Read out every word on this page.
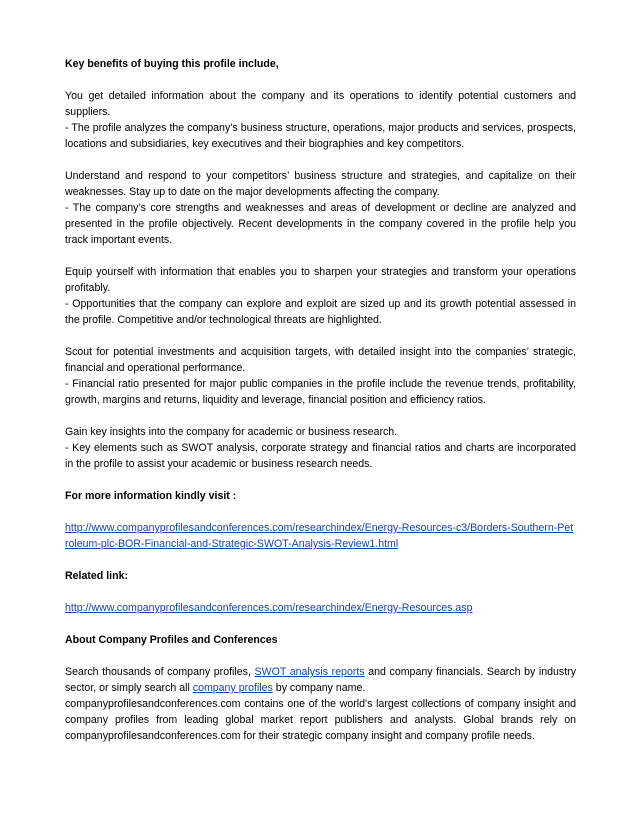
Key benefits of buying this profile include,

You get detailed information about the company and its operations to identify potential customers and suppliers.

- The profile analyzes the company’s business structure, operations, major products and services, prospects, locations and subsidiaries, key executives and their biographies and key competitors.

Understand and respond to your competitors’ business structure and strategies, and capitalize on their weaknesses. Stay up to date on the major developments affecting the company.

- The company’s core strengths and weaknesses and areas of development or decline are analyzed and presented in the profile objectively. Recent developments in the company covered in the profile help you track important events.

Equip yourself with information that enables you to sharpen your strategies and transform your operations profitably.

- Opportunities that the company can explore and exploit are sized up and its growth potential assessed in the profile. Competitive and/or technological threats are highlighted.

Scout for potential investments and acquisition targets, with detailed insight into the companies’ strategic, financial and operational performance.

- Financial ratio presented for major public companies in the profile include the revenue trends, profitability, growth, margins and returns, liquidity and leverage, financial position and efficiency ratios.

Gain key insights into the company for academic or business research.

- Key elements such as SWOT analysis, corporate strategy and financial ratios and charts are incorporated in the profile to assist your academic or business research needs.

For more information kindly visit :

http://www.companyprofilesandconferences.com/researchindex/Energy-Resources-c3/Borders-Southern-Petroleum-plc-BOR-Financial-and-Strategic-SWOT-Analysis-Review1.html

Related link:

http://www.companyprofilesandconferences.com/researchindex/Energy-Resources.asp

About Company Profiles and Conferences

Search thousands of company profiles, SWOT analysis reports and company financials. Search by industry sector, or simply search all company profiles by company name.

companyprofilesandconferences.com contains one of the world's largest collections of company insight and company profiles from leading global market report publishers and analysts. Global brands rely on companyprofilesandconferences.com for their strategic company insight and company profile needs.
